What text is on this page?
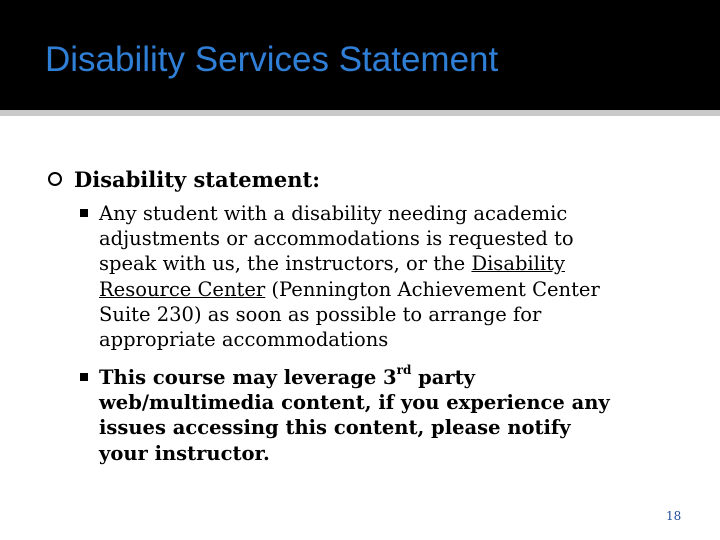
Disability Services Statement
Disability statement:
Any student with a disability needing academic
adjustments or accommodations is requested to
speak with us, the instructors, or the Disability
Resource Center (Pennington Achievement Center
Suite 230) as soon as possible to arrange for
appropriate accommodations
This course may leverage 3rd party
web/multimedia content, if you experience any
issues accessing this content, please notify
your instructor.
18
